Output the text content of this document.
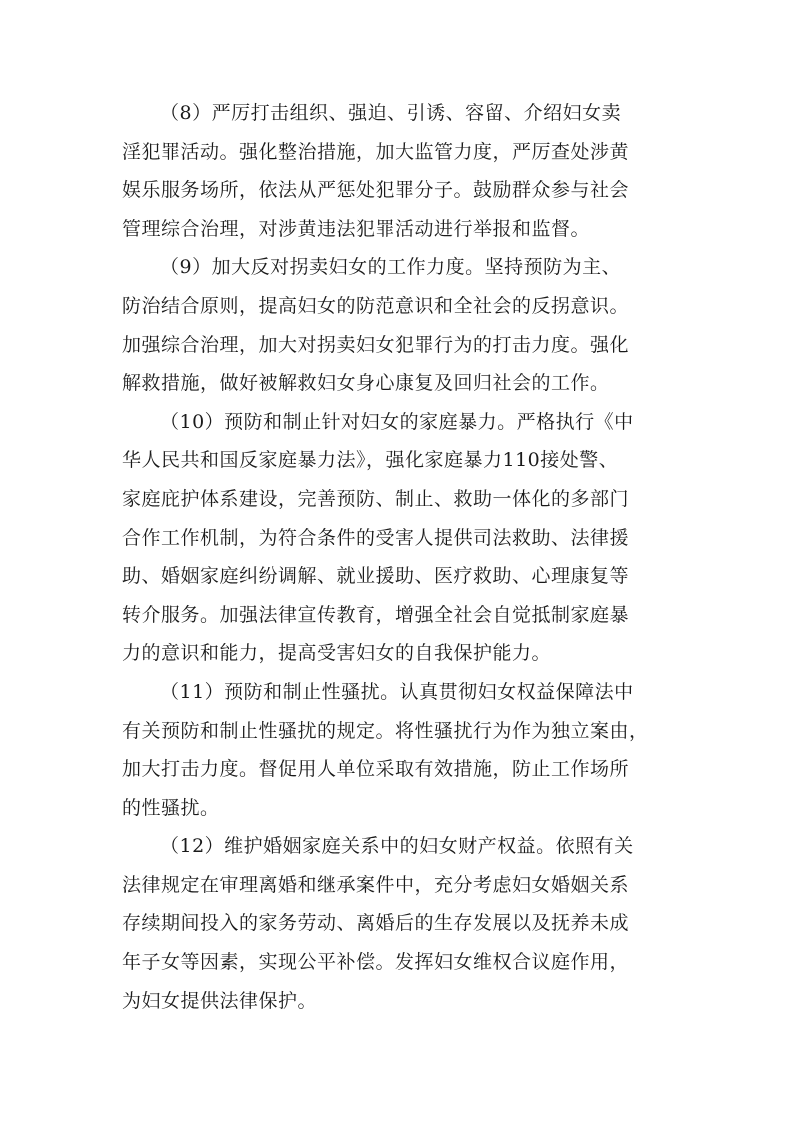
（8）严厉打击组织、强迫、引诱、容留、介绍妇女卖
淫犯罪活动。强化整治措施，加大监管力度，严厉查处涉黄
娱乐服务场所，依法从严惩处犯罪分子。鼓励群众参与社会
管理综合治理，对涉黄违法犯罪活动进行举报和监督。

（9）加大反对拐卖妇女的工作力度。坚持预防为主、
防治结合原则，提高妇女的防范意识和全社会的反拐意识。
加强综合治理，加大对拐卖妇女犯罪行为的打击力度。强化
解救措施，做好被解救妇女身心康复及回归社会的工作。

（10）预防和制止针对妇女的家庭暴力。严格执行《中
华人民共和国反家庭暴力法》，强化家庭暴力110接处警、
家庭庇护体系建设，完善预防、制止、救助一体化的多部门
合作工作机制，为符合条件的受害人提供司法救助、法律援
助、婚姻家庭纠纷调解、就业援助、医疗救助、心理康复等
转介服务。加强法律宣传教育，增强全社会自觉抵制家庭暴
力的意识和能力，提高受害妇女的自我保护能力。

（11）预防和制止性骚扰。认真贯彻妇女权益保障法中
有关预防和制止性骚扰的规定。将性骚扰行为作为独立案由，
加大打击力度。督促用人单位采取有效措施，防止工作场所
的性骚扰。

（12）维护婚姻家庭关系中的妇女财产权益。依照有关
法律规定在审理离婚和继承案件中，充分考虑妇女婚姻关系
存续期间投入的家务劳动、离婚后的生存发展以及抚养未成
年子女等因素，实现公平补偿。发挥妇女维权合议庭作用，
为妇女提供法律保护。
